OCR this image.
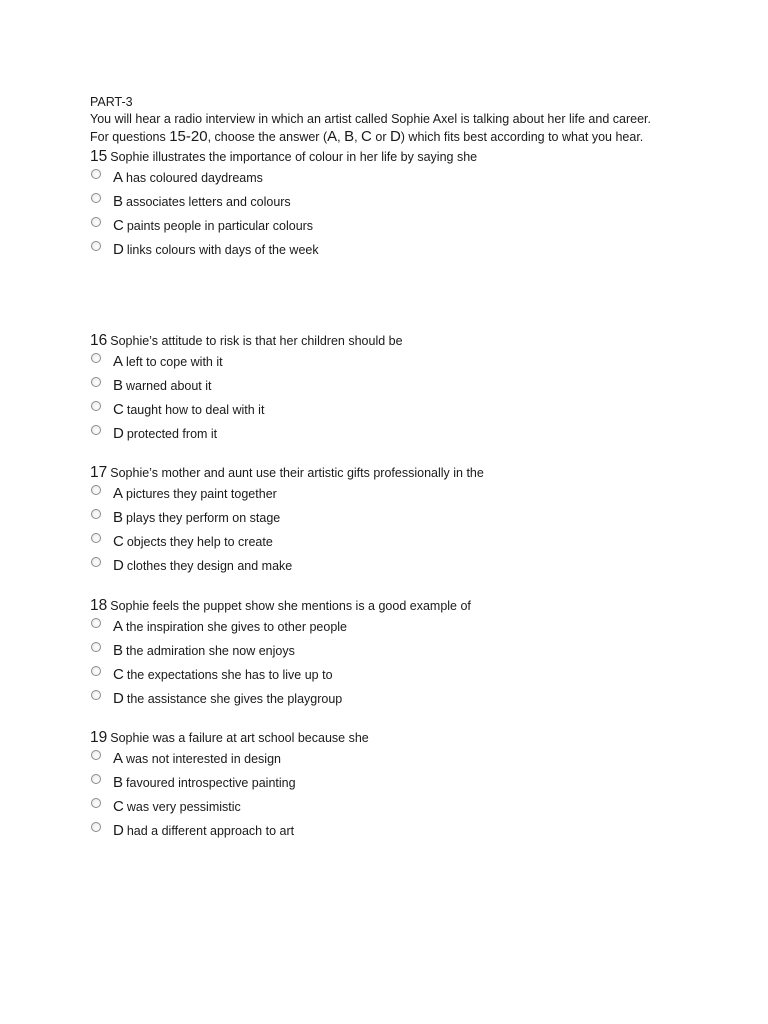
PART-3
You will hear a radio interview in which an artist called Sophie Axel is talking about her life and career.
For questions 15-20, choose the answer (A, B, C or D) which fits best according to what you hear.
15 Sophie illustrates the importance of colour in her life by saying she
A has coloured daydreams
B associates letters and colours
C paints people in particular colours
D links colours with days of the week
16 Sophie’s attitude to risk is that her children should be
A left to cope with it
B warned about it
C taught how to deal with it
D protected from it
17 Sophie’s mother and aunt use their artistic gifts professionally in the
A pictures they paint together
B plays they perform on stage
C objects they help to create
D clothes they design and make
18 Sophie feels the puppet show she mentions is a good example of
A the inspiration she gives to other people
B the admiration she now enjoys
C the expectations she has to live up to
D the assistance she gives the playgroup
19 Sophie was a failure at art school because she
A was not interested in design
B favoured introspective painting
C was very pessimistic
D had a different approach to art
